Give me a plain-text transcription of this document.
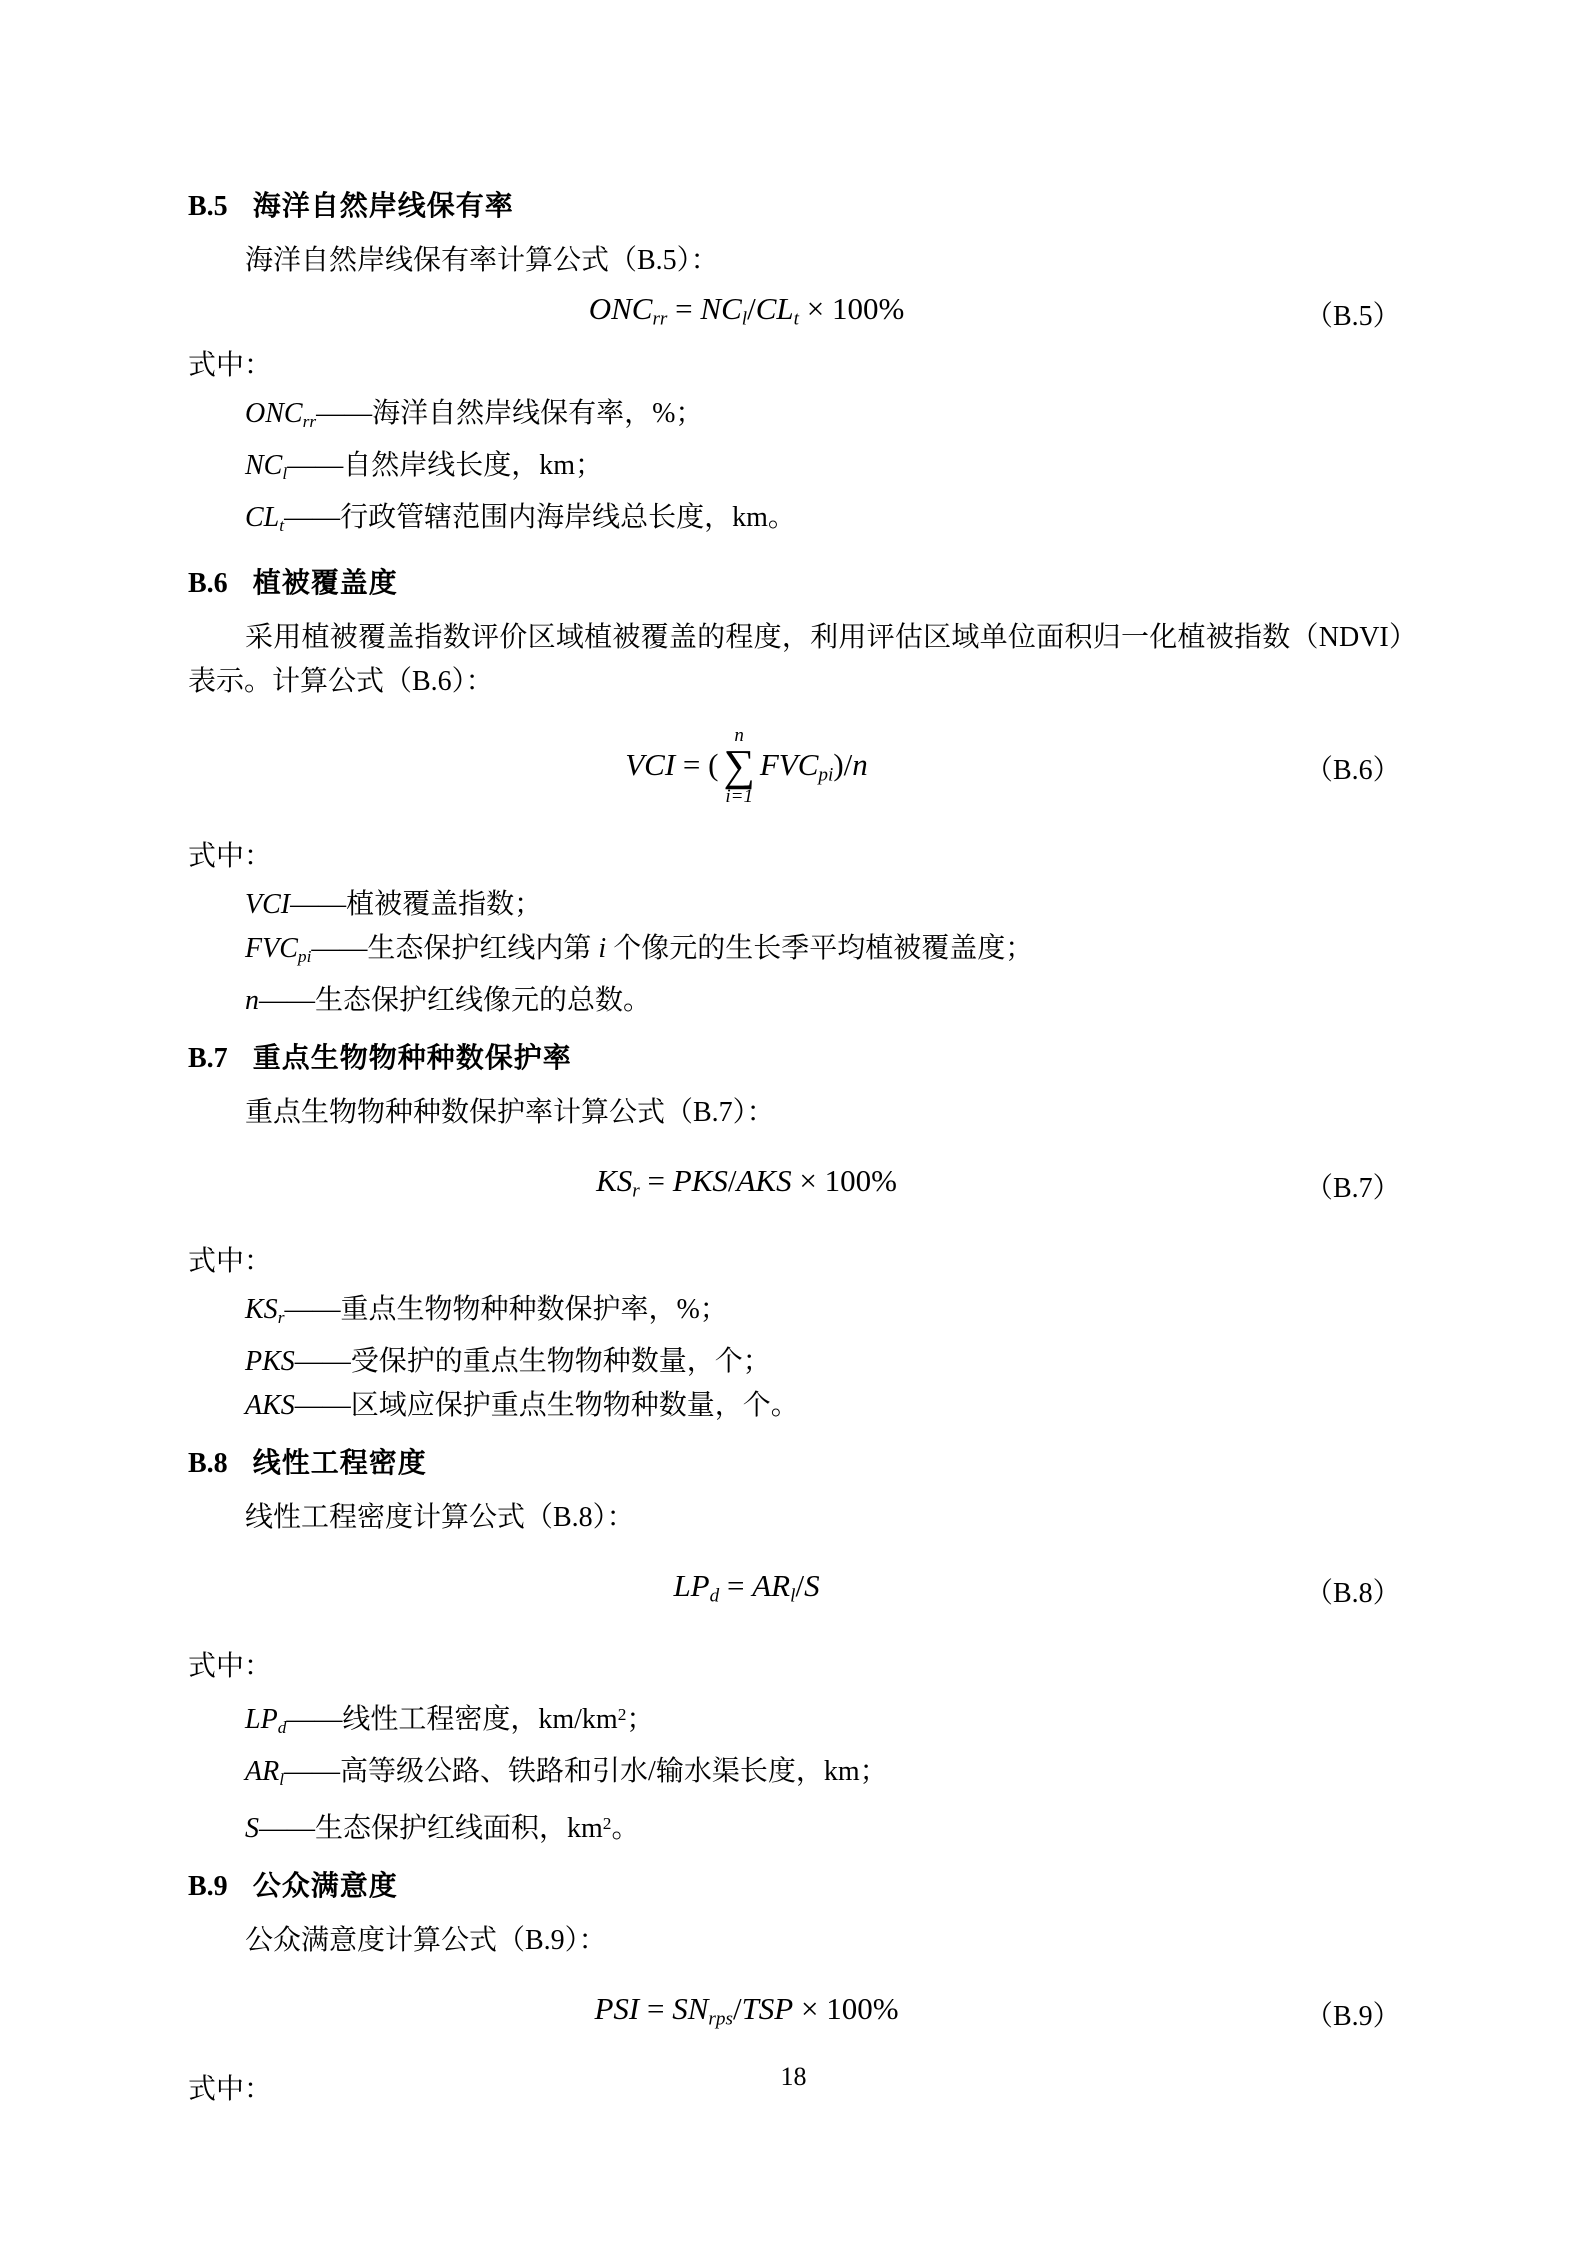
B.5 海洋自然岸线保有率

海洋自然岸线保有率计算公式（B.5）：

$ONC_{rr} = NC_l/CL_t \times 100\%$	（B.5）

式中：

$ONC_{rr}——$海洋自然岸线保有率，%；

$NC_l——$自然岸线长度，km；

$CL_t——$行政管辖范围内海岸线总长度，km。

B.6 植被覆盖度

采用植被覆盖指数评价区域植被覆盖的程度，利用评估区域单位面积归一化植被指数（NDVI）表示。计算公式（B.6）：

VCI = (
n
∑
i=1
$FVC_{pi})/n$	（B.6）

式中：

VCI——植被覆盖指数；

$FVC_{pi}——$生态保护红线内第 i 个像元的生长季平均植被覆盖度；

n——生态保护红线像元的总数。

B.7 重点生物物种种数保护率

重点生物物种种数保护率计算公式（B.7）：

$KS_r = PKS/AKS \times 100\%$	（B.7）

式中：

$KS_r——$重点生物物种种数保护率，%；

PKS——受保护的重点生物物种数量，个；

AKS——区域应保护重点生物物种数量，个。

B.8 线性工程密度

线性工程密度计算公式（B.8）：

$LP_d = AR_l/S$	（B.8）

式中：

$LP_d——$线性工程密度，$km/km^2$；

$AR_l——$高等级公路、铁路和引水/输水渠长度，km；

S——生态保护红线面积，$km^2$。

B.9 公众满意度

公众满意度计算公式（B.9）：

PSI = $SN_{rps}$/TSP × 100%	（B.9）

式中：	18
